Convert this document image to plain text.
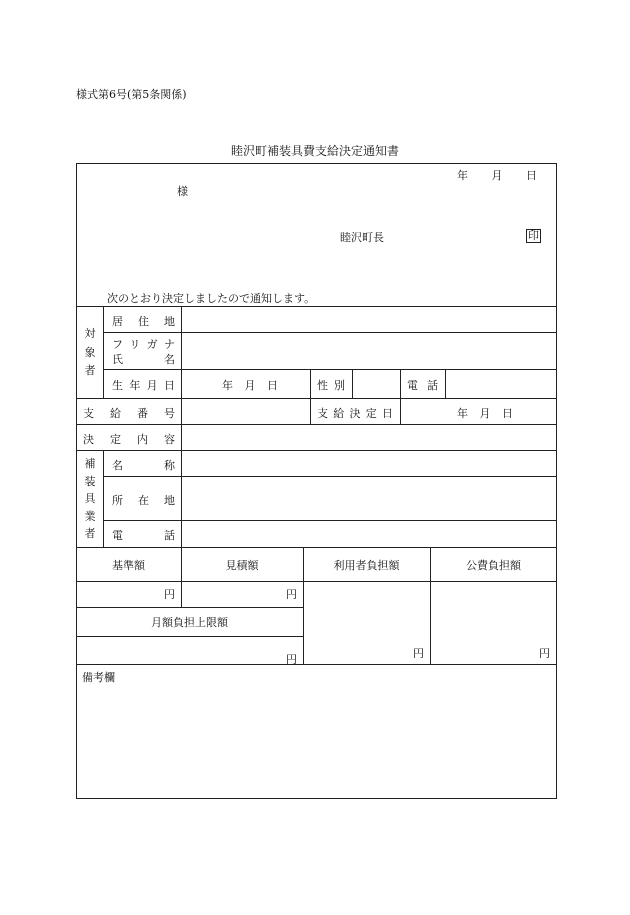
様式第6号(第5条関係)
睦沢町補装具費支給決定通知書
年 月 日
様
睦沢町長	印
次のとおり決定しましたので通知します。
対
象
者
居 住 地
フ リ ガ ナ
氏	名
生 年 月 日	年 月 日	性 別	電 話
支 給 番 号	支 給 決 定 日	年 月 日
決 定 内 容
補
装
具
業
者
名	称
所 在 地
電	話
基準額	見積額	利用者負担額	公費負担額
円	円
月額負担上限額
円	円	円
備考欄
